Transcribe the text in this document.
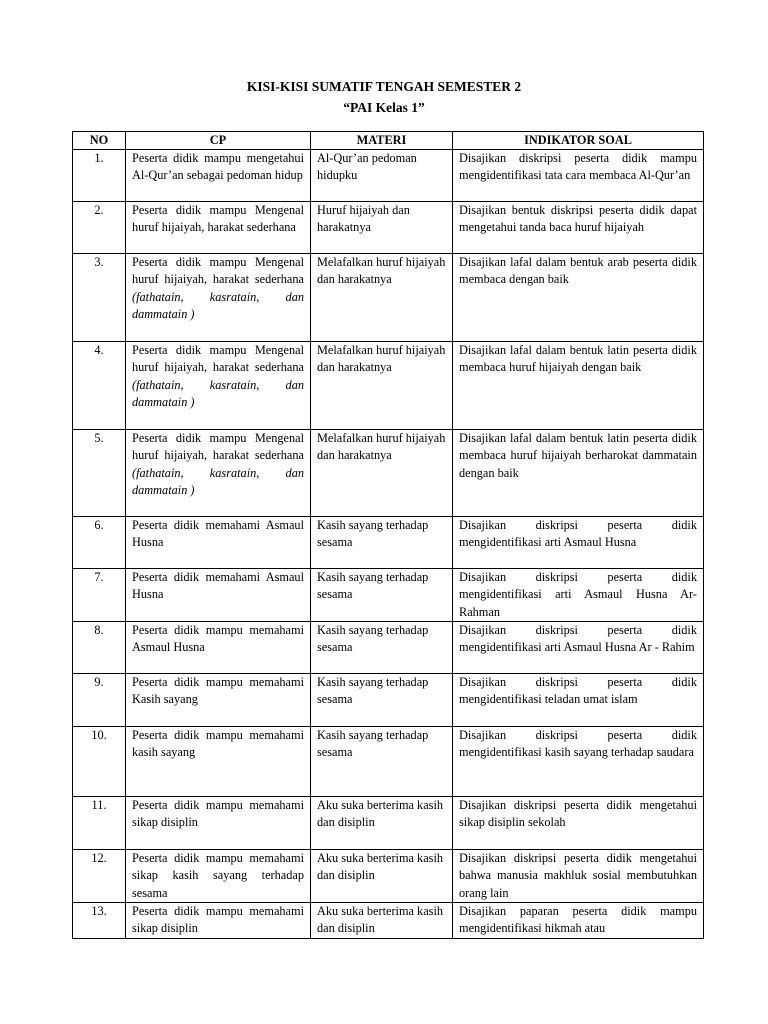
KISI-KISI SUMATIF TENGAH SEMESTER 2
“PAI Kelas 1”
NO	CP	MATERI	INDIKATOR SOAL
1.	Peserta didik mampu mengetahui Al-Qur’an sebagai pedoman hidup	Al-Qur’an pedoman hidupku	Disajikan diskripsi peserta didik mampu mengidentifikasi tata cara membaca Al-Qur’an
2.	Peserta didik mampu Mengenal huruf hijaiyah, harakat sederhana	Huruf hijaiyah dan harakatnya	Disajikan bentuk diskripsi peserta didik dapat mengetahui tanda baca huruf hijaiyah
3.	Peserta didik mampu Mengenal huruf hijaiyah, harakat sederhana (fathatain, kasratain, dan dammatain )	Melafalkan huruf hijaiyah dan harakatnya	Disajikan lafal dalam bentuk arab peserta didik membaca dengan baik
4.	Peserta didik mampu Mengenal huruf hijaiyah, harakat sederhana (fathatain, kasratain, dan dammatain )	Melafalkan huruf hijaiyah dan harakatnya	Disajikan lafal dalam bentuk latin peserta didik membaca huruf hijaiyah dengan baik
5.	Peserta didik mampu Mengenal huruf hijaiyah, harakat sederhana (fathatain, kasratain, dan dammatain )	Melafalkan huruf hijaiyah dan harakatnya	Disajikan lafal dalam bentuk latin peserta didik membaca huruf hijaiyah berharokat dammatain dengan baik
6.	Peserta didik memahami Asmaul Husna	Kasih sayang terhadap sesama	Disajikan diskripsi peserta didik mengidentifikasi arti Asmaul Husna
7.	Peserta didik memahami Asmaul Husna	Kasih sayang terhadap sesama	Disajikan diskripsi peserta didik mengidentifikasi arti Asmaul Husna Ar- Rahman
8.	Peserta didik mampu memahami Asmaul Husna	Kasih sayang terhadap sesama	Disajikan diskripsi peserta didik mengidentifikasi arti Asmaul Husna Ar - Rahim
9.	Peserta didik mampu memahami Kasih sayang	Kasih sayang terhadap sesama	Disajikan diskripsi peserta didik mengidentifikasi teladan umat islam
10.	Peserta didik mampu memahami kasih sayang	Kasih sayang terhadap sesama	Disajikan diskripsi peserta didik mengidentifikasi kasih sayang terhadap saudara
11.	Peserta didik mampu memahami sikap disiplin	Aku suka berterima kasih dan disiplin	Disajikan diskripsi peserta didik mengetahui sikap disiplin sekolah
12.	Peserta didik mampu memahami sikap kasih sayang terhadap sesama	Aku suka berterima kasih dan disiplin	Disajikan diskripsi peserta didik mengetahui bahwa manusia makhluk sosial membutuhkan orang lain
13.	Peserta didik mampu memahami sikap disiplin	Aku suka berterima kasih dan disiplin	Disajikan paparan peserta didik mampu mengidentifikasi hikmah atau
